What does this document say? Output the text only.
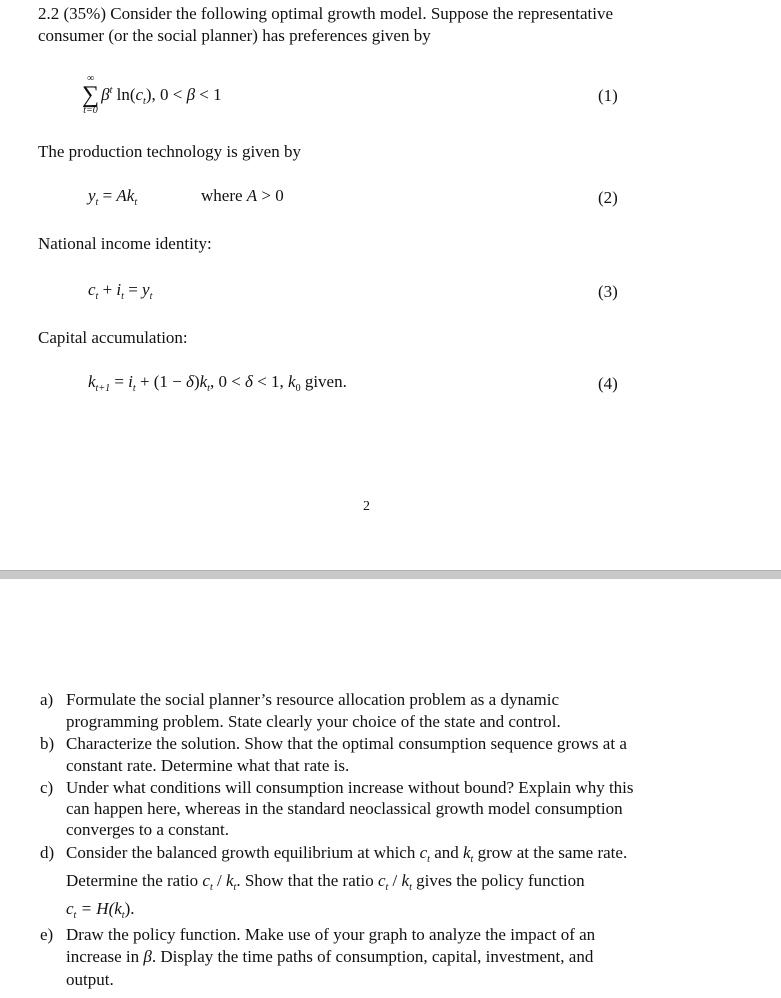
2.2 (35%) Consider the following optimal growth model. Suppose the representative
consumer (or the social planner) has preferences given by
∞
∑
t=0
$\beta^t$ $\ln(c_t)$, 0 < β < 1	(1)
The production technology is given by
$y_t = Ak_t$	where A > 0	(2)
National income identity:
$c_t + i_t = y_t$	(3)
Capital accumulation:
$k_{t+1} = i_t + (1 - \delta)k_t$, 0 < δ < 1, $k_0$ given.	(4)
2
a) Formulate the social planner’s resource allocation problem as a dynamic
programming problem. State clearly your choice of the state and control.
b) Characterize the solution. Show that the optimal consumption sequence grows at a
constant rate. Determine what that rate is.
c) Under what conditions will consumption increase without bound? Explain why this
can happen here, whereas in the standard neoclassical growth model consumption
converges to a constant.
d) Consider the balanced growth equilibrium at which $c_t$ and $k_t$ grow at the same rate.
Determine the ratio $c_t / k_t$. Show that the ratio $c_t / k_t$ gives the policy function
$c_t = H(k_t)$.
e) Draw the policy function. Make use of your graph to analyze the impact of an
increase in β. Display the time paths of consumption, capital, investment, and
output.
